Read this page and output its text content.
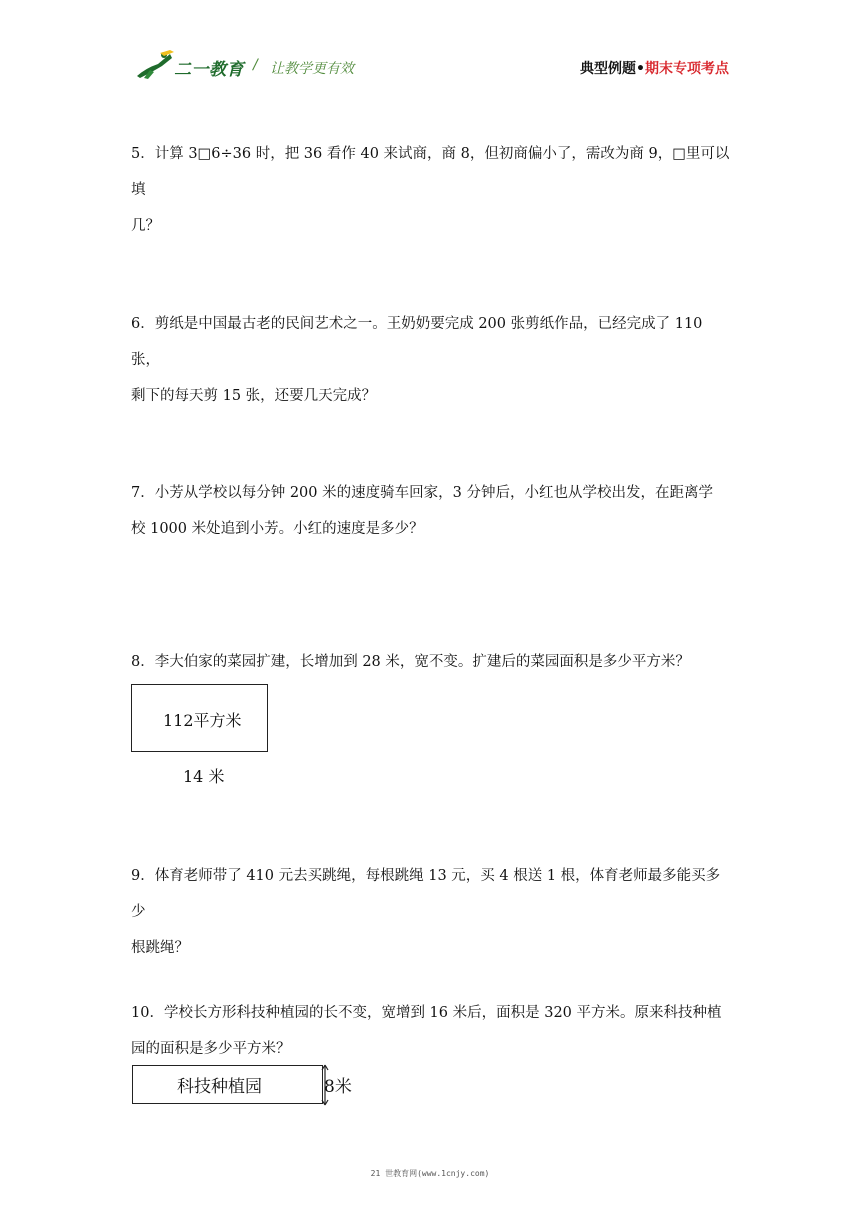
二一教育 / 让教学更有效	典型例题•期末专项考点

5．计算 3□6÷36 时，把 36 看作 40 来试商，商 8，但初商偏小了，需改为商 9，□里可以填

几？

6．剪纸是中国最古老的民间艺术之一。王奶奶要完成 200 张剪纸作品，已经完成了 110 张，

剩下的每天剪 15 张，还要几天完成？

7．小芳从学校以每分钟 200 米的速度骑车回家，3 分钟后，小红也从学校出发，在距离学

校 1000 米处追到小芳。小红的速度是多少？

8．李大伯家的菜园扩建，长增加到 28 米，宽不变。扩建后的菜园面积是多少平方米？

112平方米
14 米

9．体育老师带了 410 元去买跳绳，每根跳绳 13 元，买 4 根送 1 根，体育老师最多能买多少

根跳绳？

10．学校长方形科技种植园的长不变，宽增到 16 米后，面积是 320 平方米。原来科技种植

园的面积是多少平方米？

科技种植园	8米
21 世教育网(www.1cnjy.com)
